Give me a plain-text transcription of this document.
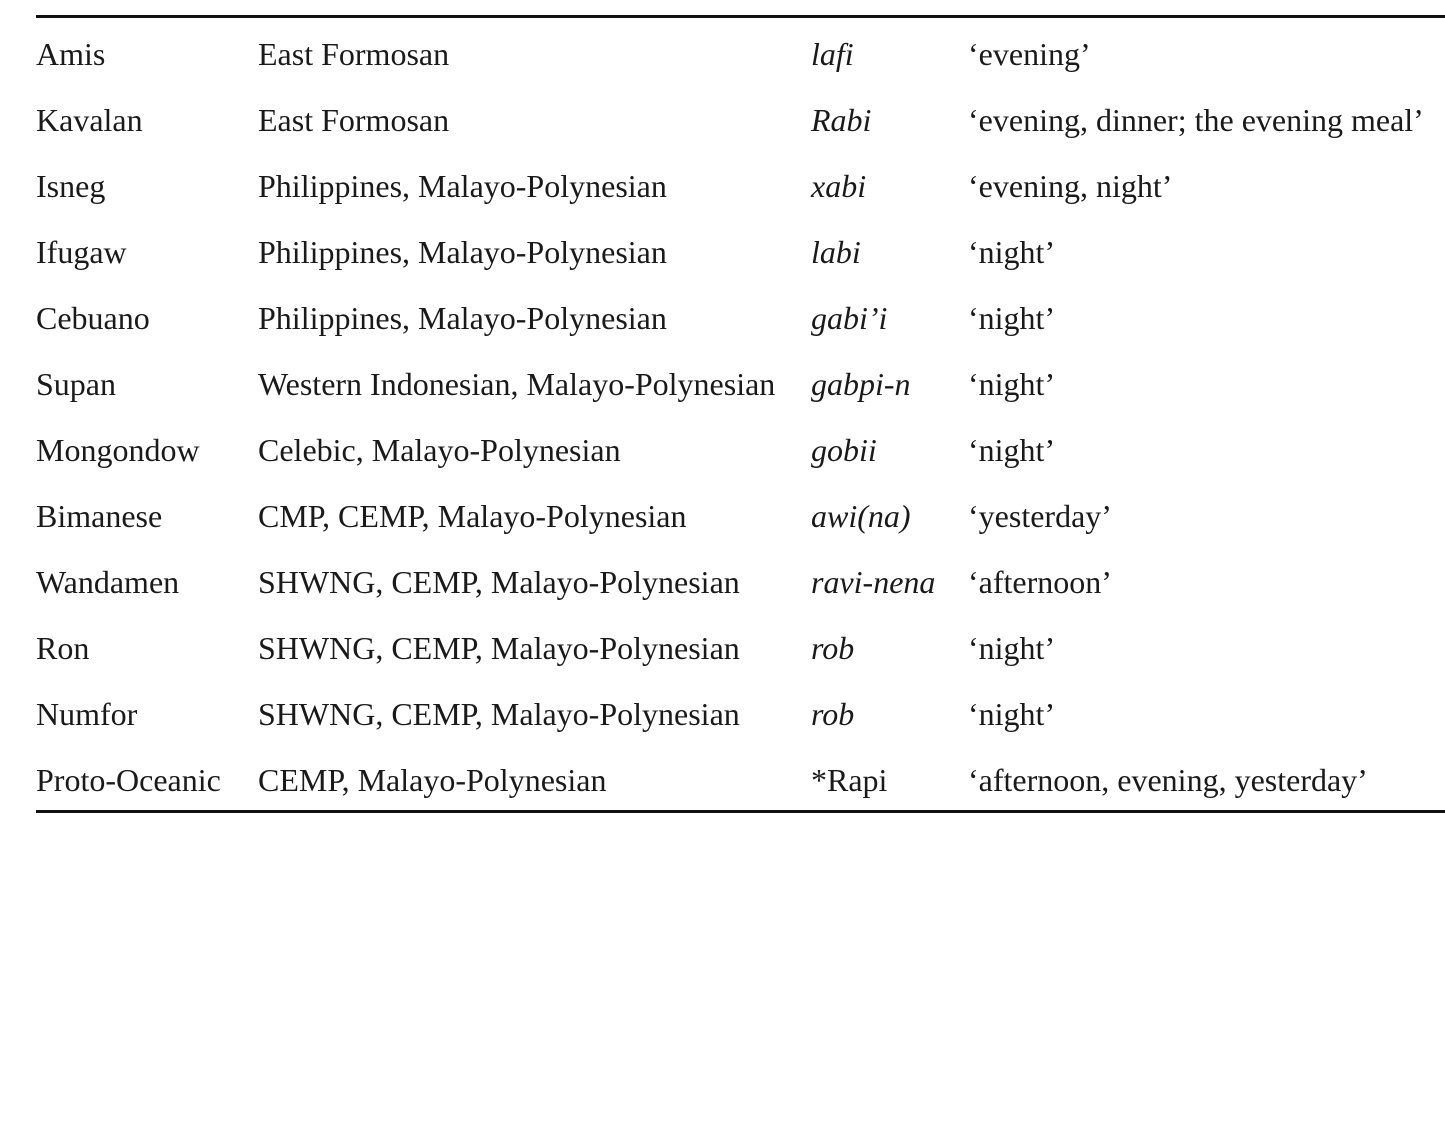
Amis	East Formosan	lafi	‘evening’
Kavalan	East Formosan	Rabi	‘evening, dinner; the evening meal’
Isneg	Philippines, Malayo-Polynesian	xabi	‘evening, night’
Ifugaw	Philippines, Malayo-Polynesian	labi	‘night’
Cebuano	Philippines, Malayo-Polynesian	gabi’i	‘night’
Supan	Western Indonesian, Malayo-Polynesian	gabpi-n	‘night’
Mongondow	Celebic, Malayo-Polynesian	gobii	‘night’
Bimanese	CMP, CEMP, Malayo-Polynesian	awi(na)	‘yesterday’
Wandamen	SHWNG, CEMP, Malayo-Polynesian	ravi-nena	‘afternoon’
Ron	SHWNG, CEMP, Malayo-Polynesian	rob	‘night’
Numfor	SHWNG, CEMP, Malayo-Polynesian	rob	‘night’
Proto-Oceanic	CEMP, Malayo-Polynesian	*Rapi	‘afternoon, evening, yesterday’
